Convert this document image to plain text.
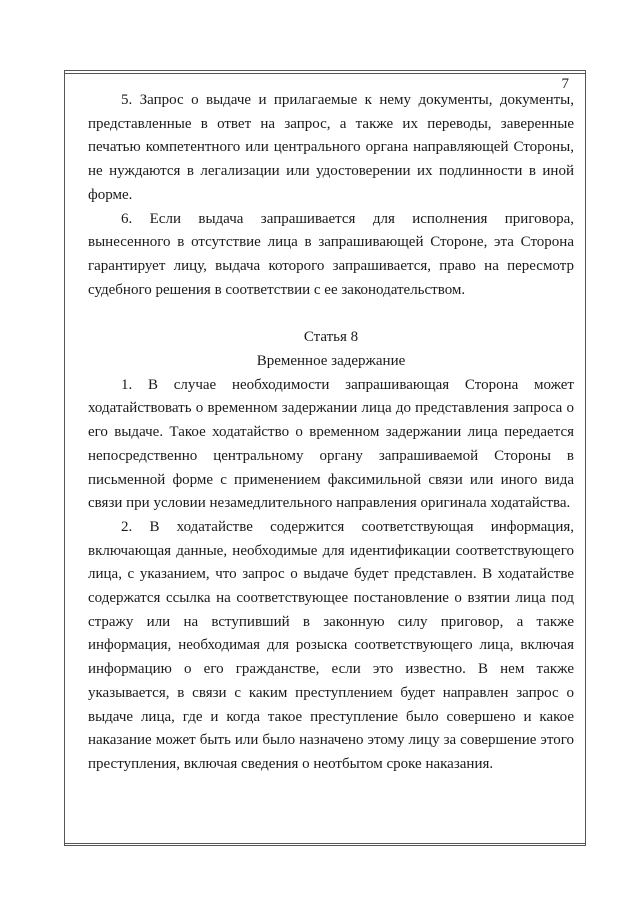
7

5. Запрос о выдаче и прилагаемые к нему документы, документы, представленные в ответ на запрос, а также их переводы, заверенные печатью компетентного или центрального органа направляющей Стороны, не нуждаются в легализации или удостоверении их подлинности в иной форме.

6. Если выдача запрашивается для исполнения приговора, вынесенного в отсутствие лица в запрашивающей Стороне, эта Сторона гарантирует лицу, выдача которого запрашивается, право на пересмотр судебного решения в соответствии с ее законодательством.

Статья 8

Временное задержание

1. В случае необходимости запрашивающая Сторона может ходатайствовать о временном задержании лица до представления запроса о его выдаче. Такое ходатайство о временном задержании лица передается непосредственно центральному органу запрашиваемой Стороны в письменной форме с применением факсимильной связи или иного вида связи при условии незамедлительного направления оригинала ходатайства.

2. В ходатайстве содержится соответствующая информация, включающая данные, необходимые для идентификации соответствующего лица, с указанием, что запрос о выдаче будет представлен. В ходатайстве содержатся ссылка на соответствующее постановление о взятии лица под стражу или на вступивший в законную силу приговор, а также информация, необходимая для розыска соответствующего лица, включая информацию о его гражданстве, если это известно. В нем также указывается, в связи с каким преступлением будет направлен запрос о выдаче лица, где и когда такое преступление было совершено и какое наказание может быть или было назначено этому лицу за совершение этого преступления, включая сведения о неотбытом сроке наказания.
